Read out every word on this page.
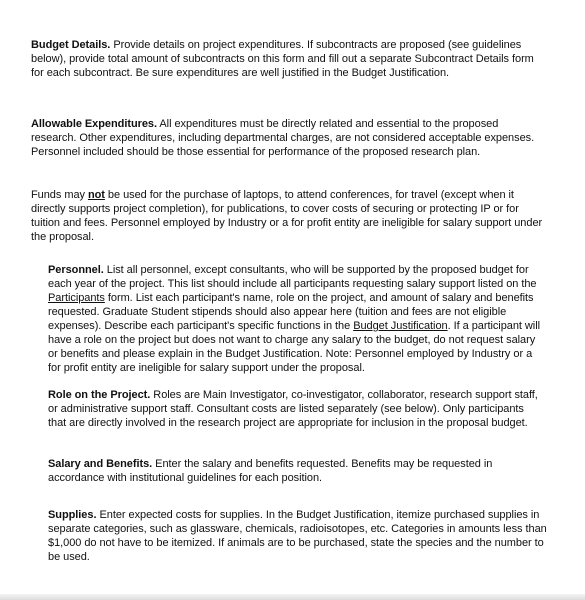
Budget Details. Provide details on project expenditures. If subcontracts are proposed (see guidelines
below), provide total amount of subcontracts on this form and fill out a separate Subcontract Details form
for each subcontract. Be sure expenditures are well justified in the Budget Justification.

Allowable Expenditures. All expenditures must be directly related and essential to the proposed
research. Other expenditures, including departmental charges, are not considered acceptable expenses.
Personnel included should be those essential for performance of the proposed research plan.

Funds may not be used for the purchase of laptops, to attend conferences, for travel (except when it
directly supports project completion), for publications, to cover costs of securing or protecting IP or for
tuition and fees. Personnel employed by Industry or a for profit entity are ineligible for salary support under
the proposal.

Personnel. List all personnel, except consultants, who will be supported by the proposed budget for
each year of the project. This list should include all participants requesting salary support listed on the
Participants form. List each participant's name, role on the project, and amount of salary and benefits
requested. Graduate Student stipends should also appear here (tuition and fees are not eligible
expenses). Describe each participant's specific functions in the Budget Justification. If a participant will
have a role on the project but does not want to charge any salary to the budget, do not request salary
or benefits and please explain in the Budget Justification. Note: Personnel employed by Industry or a
for profit entity are ineligible for salary support under the proposal.

Role on the Project. Roles are Main Investigator, co-investigator, collaborator, research support staff,
or administrative support staff. Consultant costs are listed separately (see below). Only participants
that are directly involved in the research project are appropriate for inclusion in the proposal budget.

Salary and Benefits. Enter the salary and benefits requested. Benefits may be requested in
accordance with institutional guidelines for each position.

Supplies. Enter expected costs for supplies. In the Budget Justification, itemize purchased supplies in
separate categories, such as glassware, chemicals, radioisotopes, etc. Categories in amounts less than
$1,000 do not have to be itemized. If animals are to be purchased, state the species and the number to
be used.
